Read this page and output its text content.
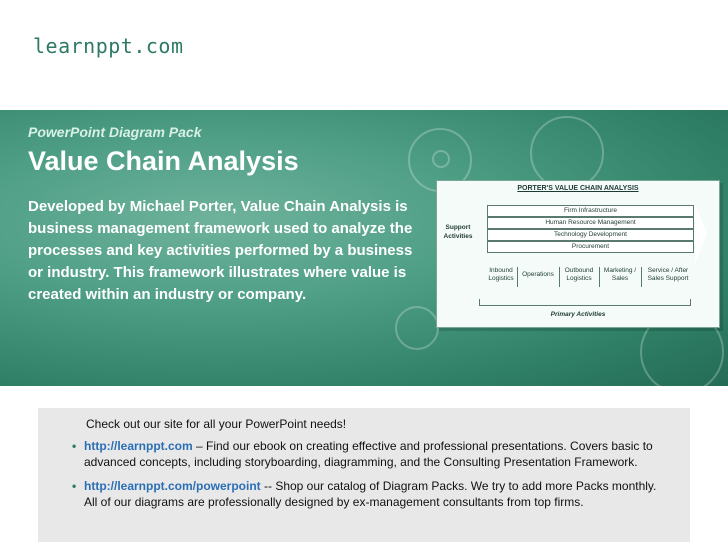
learnppt.com
PowerPoint Diagram Pack
Value Chain Analysis
Developed by Michael Porter, Value Chain Analysis is business management framework used to analyze the processes and key activities performed by a business or industry. This framework illustrates where value is created within an industry or company.
PORTER'S VALUE CHAIN ANALYSIS
Support Activities
Firm Infrastructure
Human Resource Management
Technology Development
Procurement
Inbound Logistics
Operations
Outbound Logistics
Marketing / Sales
Service / After Sales Support
Primary Activities

Check out our site for all your PowerPoint needs!

• http://learnppt.com – Find our ebook on creating effective and professional presentations. Covers basic to advanced concepts, including storyboarding, diagramming, and the Consulting Presentation Framework.
• http://learnppt.com/powerpoint -- Shop our catalog of Diagram Packs. We try to add more Packs monthly. All of our diagrams are professionally designed by ex-management consultants from top firms.
